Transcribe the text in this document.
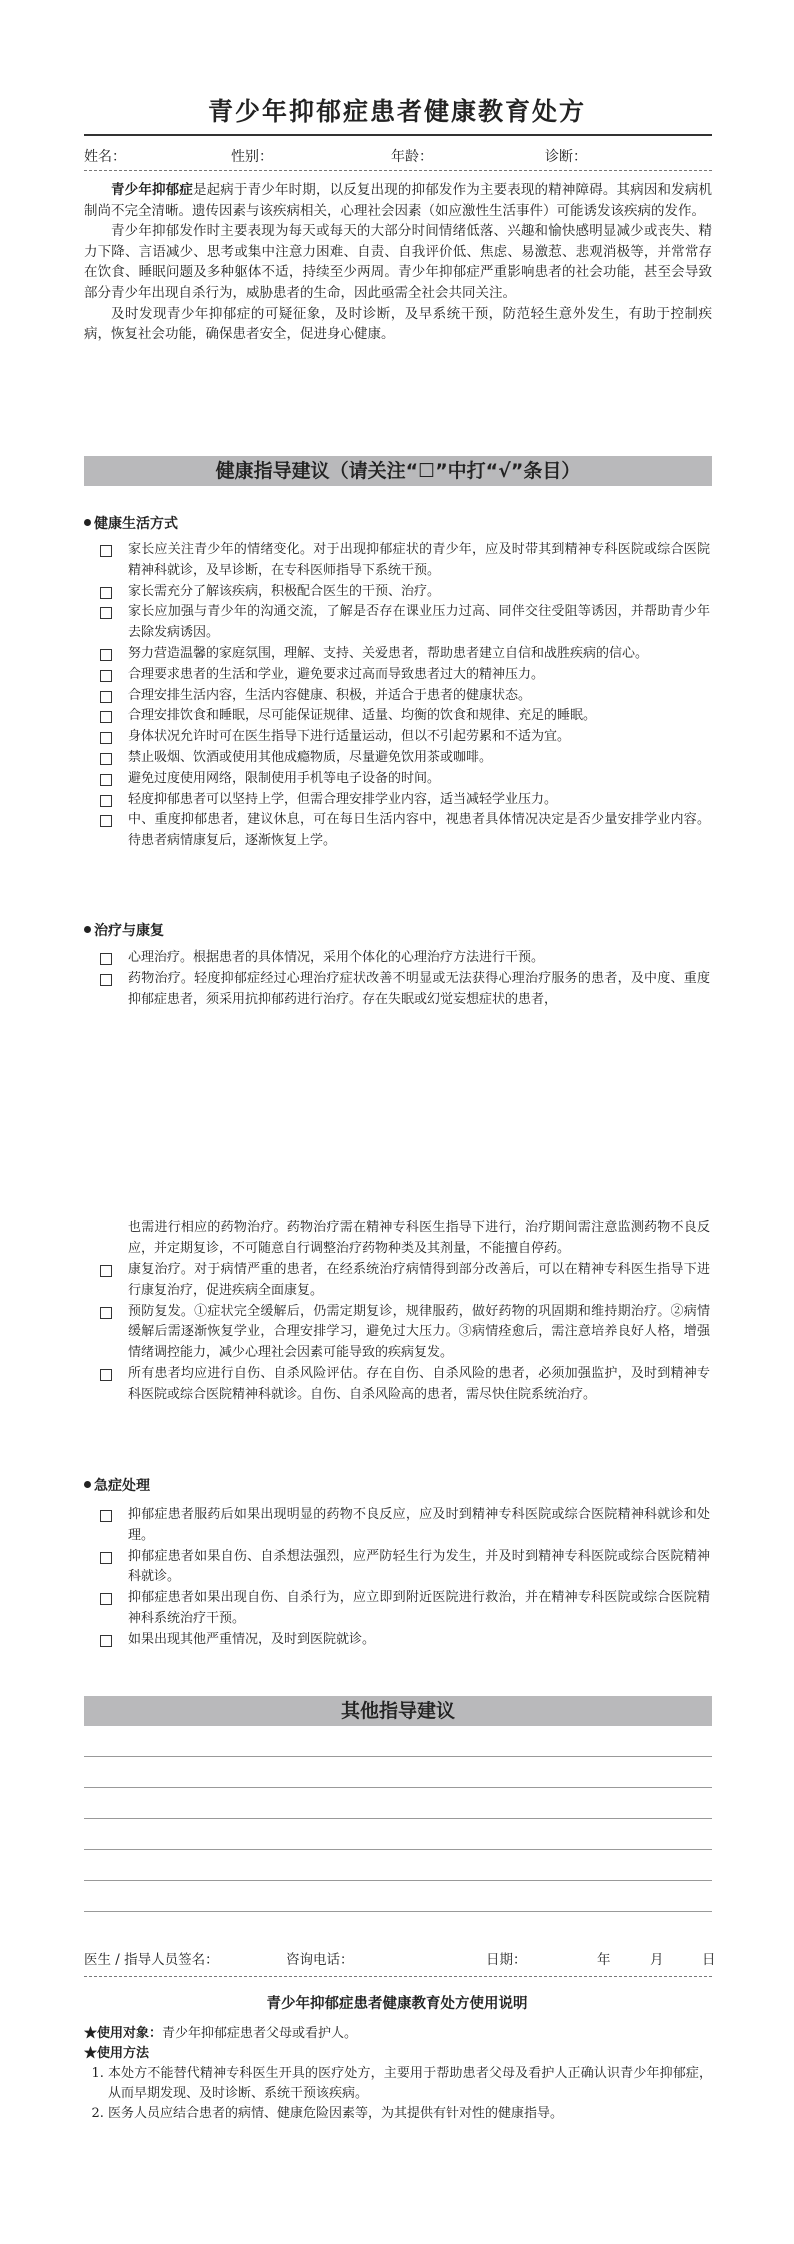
青少年抑郁症患者健康教育处方
姓名：	性别：	年龄：	诊断：

青少年抑郁症是起病于青少年时期，以反复出现的抑郁发作为主要表现的精神障碍。其病因和发病机制尚不完全清晰。遗传因素与该疾病相关，心理社会因素（如应激性生活事件）可能诱发该疾病的发作。

青少年抑郁发作时主要表现为每天或每天的大部分时间情绪低落、兴趣和愉快感明显减少或丧失、精力下降、言语减少、思考或集中注意力困难、自责、自我评价低、焦虑、易激惹、悲观消极等，并常常存在饮食、睡眠问题及多种躯体不适，持续至少两周。青少年抑郁症严重影响患者的社会功能，甚至会导致部分青少年出现自杀行为，威胁患者的生命，因此亟需全社会共同关注。

及时发现青少年抑郁症的可疑征象，及时诊断，及早系统干预，防范轻生意外发生，有助于控制疾病，恢复社会功能，确保患者安全，促进身心健康。

健康指导建议（请关注“☐”中打“√”条目）
健康生活方式
家长应关注青少年的情绪变化。对于出现抑郁症状的青少年，应及时带其到精神专科医院或综合医院精神科就诊，及早诊断，在专科医师指导下系统干预。
家长需充分了解该疾病，积极配合医生的干预、治疗。
家长应加强与青少年的沟通交流，了解是否存在课业压力过高、同伴交往受阻等诱因，并帮助青少年去除发病诱因。
努力营造温馨的家庭氛围，理解、支持、关爱患者，帮助患者建立自信和战胜疾病的信心。
合理要求患者的生活和学业，避免要求过高而导致患者过大的精神压力。
合理安排生活内容，生活内容健康、积极，并适合于患者的健康状态。
合理安排饮食和睡眠，尽可能保证规律、适量、均衡的饮食和规律、充足的睡眠。
身体状况允许时可在医生指导下进行适量运动，但以不引起劳累和不适为宜。
禁止吸烟、饮酒或使用其他成瘾物质，尽量避免饮用茶或咖啡。
避免过度使用网络，限制使用手机等电子设备的时间。
轻度抑郁患者可以坚持上学，但需合理安排学业内容，适当减轻学业压力。
中、重度抑郁患者，建议休息，可在每日生活内容中，视患者具体情况决定是否少量安排学业内容。待患者病情康复后，逐渐恢复上学。
治疗与康复
心理治疗。根据患者的具体情况，采用个体化的心理治疗方法进行干预。
药物治疗。轻度抑郁症经过心理治疗症状改善不明显或无法获得心理治疗服务的患者，及中度、重度抑郁症患者，须采用抗抑郁药进行治疗。存在失眠或幻觉妄想症状的患者，
也需进行相应的药物治疗。药物治疗需在精神专科医生指导下进行，治疗期间需注意监测药物不良反应，并定期复诊，不可随意自行调整治疗药物种类及其剂量，不能擅自停药。
康复治疗。对于病情严重的患者，在经系统治疗病情得到部分改善后，可以在精神专科医生指导下进行康复治疗，促进疾病全面康复。
预防复发。①症状完全缓解后，仍需定期复诊，规律服药，做好药物的巩固期和维持期治疗。②病情缓解后需逐渐恢复学业，合理安排学习，避免过大压力。③病情痊愈后，需注意培养良好人格，增强情绪调控能力，减少心理社会因素可能导致的疾病复发。
所有患者均应进行自伤、自杀风险评估。存在自伤、自杀风险的患者，必须加强监护，及时到精神专科医院或综合医院精神科就诊。自伤、自杀风险高的患者，需尽快住院系统治疗。
急症处理
抑郁症患者服药后如果出现明显的药物不良反应，应及时到精神专科医院或综合医院精神科就诊和处理。
抑郁症患者如果自伤、自杀想法强烈，应严防轻生行为发生，并及时到精神专科医院或综合医院精神科就诊。
抑郁症患者如果出现自伤、自杀行为，应立即到附近医院进行救治，并在精神专科医院或综合医院精神科系统治疗干预。
如果出现其他严重情况，及时到医院就诊。
其他指导建议
医生 / 指导人员签名：	咨询电话：	日期：	年	月	日
青少年抑郁症患者健康教育处方使用说明
★使用对象：青少年抑郁症患者父母或看护人。
★使用方法
1. 本处方不能替代精神专科医生开具的医疗处方，主要用于帮助患者父母及看护人正确认识青少年抑郁症，从而早期发现、及时诊断、系统干预该疾病。
2. 医务人员应结合患者的病情、健康危险因素等，为其提供有针对性的健康指导。
